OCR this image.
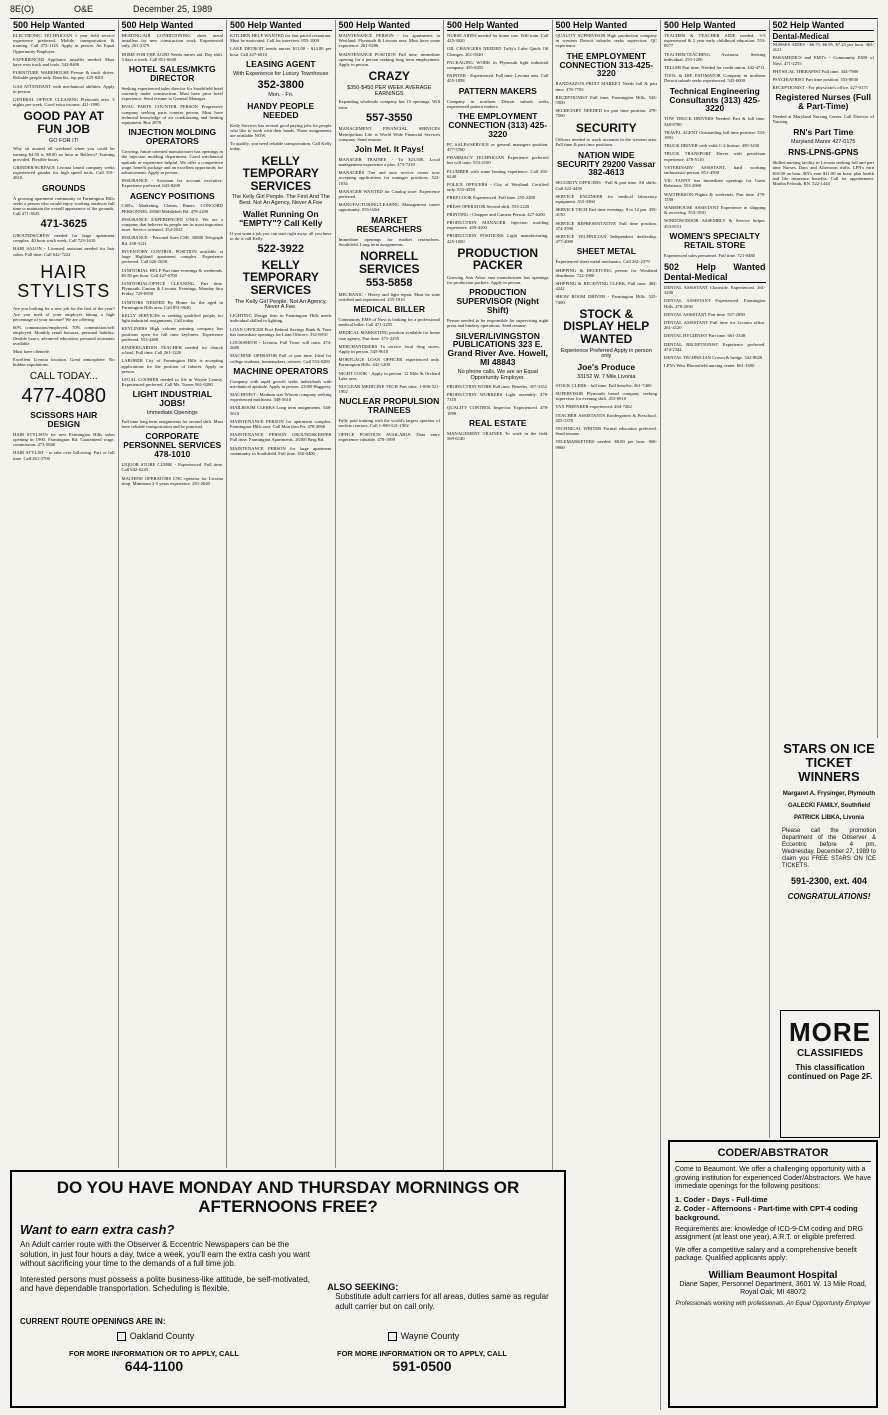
8E(O)	O&E	December 25, 1989
500 Help Wanted
ELECTRONIC TECHNICIAN 1 year field service experience preferred. Mobile, transportation & training. Call 473-1125. Apply in person. An Equal Opportunity Employer.
EXPERIENCED Appliance installer needed. Must have own truck and tools. 542-8400
FURNITURE WAREHOUSE Person & truck driver. Reliable people only. Benefits, top pay. 425-8201
GAS ATTENDANT with mechanical abilities. Apply in person.
GENERAL OFFICE CLEANING Plymouth area. 3 nights per week. Good extra income. 421-1990
GOOD PAY AT FUN JOB
GO FOR IT!
Why sit around all weekend when you could be earning $4.50 to $8.00 an hour at Bellews? Training provided. Flexible hours.
GRINDER/SURFACE Livonia based company seeks experienced grinder for high speed tools. Call 591-4810.
GROUNDS
A growing apartment community in Farmington Hills seeks a person who would enjoy working outdoors full time to maintain the overall appearance of the grounds. Call 471-3625.
471-3625
GROUNDS/CREW needed for large apartment complex. 40 hour work week. Call 723-1610
HAIR SALON - Licensed assistant needed for hair salon. Full time. Call 642-7222
HAIR STYLISTS
Are you looking for a new job for the first of the year? Are you tired of your employer taking a high percentage of your income? We are offering:
60% commission/employed, 70% commission/self employed. Monthly retail bonuses, personal liability, flexible hours, advanced education, personal assistants available.
Must have clientele.
Excellent Livonia location. Great atmosphere. No hidden stipulations.
CALL TODAY...
477-4080
SCISSORS HAIR DESIGN
HAIR STYLISTS for new Farmington Hills salon opening in 1990. Farmington Rd. Guaranteed wage, commission. 473-5840
HAIR STYLIST - to take over following. Part or full time. Call 261-3700
500 Help Wanted
HEATING/AIR CONDITIONING sheet metal installers for new construction work. Experienced only. 261-2379
HOME FOR THE AGED Needs nurses aid. Day shift. 3 days a week. Call 851-6640
HOTEL SALES/MKTG DIRECTOR
Seeking experienced sales director for Southfield hotel currently under construction. Must have prior hotel experience. Send resume to General Manager.
HVAC PARTS COUNTER PERSON Progressive company seeking parts counter person. Must have technical knowledge of air conditioning and heating equipment. Box 2870.
INJECTION MOLDING OPERATORS
Growing, future oriented manufacturer has openings in the injection molding department. Good mechanical aptitude or experience helpful. We offer a competitive wage, benefit package and an excellent opportunity for advancement. Apply in person.
INSURANCE - Assistant for account executive. Experience preferred. 643-8200
AGENCY POSITIONS
CSR's, Marketing, Claims, Raters. CONCORD PERSONNEL 18500 Middlebelt Rd. 478-2200
INSURANCE EXPERIENCED ONLY. We are a company that believes its people are its most important asset. Service oriented. 354-2022
INSURANCE - Personal lines CSR. 30800 Telegraph Rd. 258-3121
INVENTORY CONTROL POSITION available at large Highland apartment complex. Experience preferred. Call 626-1658.
JANITORIAL HELP Part time evenings & weekends. $5.50 per hour. Call 427-6700
JANITORIAL/OFFICE CLEANING. Part time. Plymouth, Canton & Livonia. Evenings, Monday thru Friday. 729-6950
JANITORS NEEDED By Home for the aged in Farmington Hills area. Call 851-9640
KELLY SERVICES is seeking qualified people for light industrial assignments. Call today.
KEYLINERS High volume printing company has positions open for full time keyliners. Experience preferred. 553-4400
KINDERGARTEN TEACHER needed for church school. Full time. Call 261-1220
LABORER City of Farmington Hills is accepting applications for the position of laborer. Apply in person.
LEGAL COURIER needed to file in Wayne County. Experienced preferred. Call Ms. Turner 961-0280.
LIGHT INDUSTRIAL JOBS!
Immediate Openings
Full time long term assignments for second shift. Must have reliable transportation and be punctual.
CORPORATE PERSONNEL SERVICES 478-1010
LIQUOR STORE CLERK - Experienced. Full time. Call 642-0220
MACHINE OPERATORS CNC operator for Livonia shop. Minimum 3-5 years experience. 261-2640
500 Help Wanted
KITCHEN HELP WANTED for fast paced restaurant. Must be motivated. Call for interview. 855-1000
LAKE DETROIT needs nurses $11.00 - $14.00 per hour. Call 427-6010
LEASING AGENT
With Experience for Luxury Townhouse
352-3800
Mon. - Fri.
HANDY PEOPLE NEEDED
Kelly Services has several good paying jobs for people who like to work with their hands. These assignments are available NOW.
To qualify, you need reliable transportation. Call Kelly today.
KELLY TEMPORARY SERVICES
The Kelly Girl People. The First And The Best. Not An Agency, Never A Fee
Wallet Running On "EMPTY"? Call Kelly
If you want a job you can start right away, all you have to do is call Kelly.
522-3922
KELLY TEMPORARY SERVICES
The Kelly Girl People. Not An Agency, Never A Fee.
LIGHTING Design firm in Farmington Hills needs individual skilled in lighting.
LOAN OFFICER First Federal Savings Bank & Trust has immediate openings for Loan Officers. 332-6910
LOCKSMITH - Livonia. Full Time, will train. 474-2600
MACHINE OPERATOR Full or part time. Ideal for college students, homemakers, retirees. Call 553-8200
MACHINE OPERATORS
Company with rapid growth seeks individuals with mechanical aptitude. Apply in person. 23300 Haggerty.
MACHINIST - Medium size Wixom company seeking experienced machinist. 348-5610
MAILROOM CLERKS Long term assignments. 548-5610
MAINTENANCE PERSON for apartment complex. Farmington Hills area. Call Mon thru Fri. 478-3060
MAINTENANCE PERSON GROUNDSKEEPER Full time. Farmington Apartments. 26300 Berg Rd.
MAINTENANCE PERSON for large apartment community in Southfield. Full time. 356-0400
500 Help Wanted
MAINTENANCE PERSON - for apartments in Westland. Plymouth & Livonia area. Must have some experience. 261-0286
MAINTENANCE POSITION Full time, immediate opening for a person seeking long term employment. Apply in person.
CRAZY
$350-$450 PER WEEK AVERAGE EARNINGS
Expanding wholesale company has 15 openings. Will train.
557-3550
MANAGEMENT FINANCIAL SERVICES Metropolitan Life is World Wide Financial Services company. Send resume.
Join Met. It Pays!
MANAGER TRAINEE - To $23,500. Local management experience a plus. 473-7210
MANAGERS Tire and auto service center now accepting applications for manager positions. 522-1034
MANAGER WANTED for Catalog store. Experience preferred.
MANUFACTURING/LEASING Management career opportunity. 555-0264
MARKET RESEARCHERS
Immediate openings for market researchers. Southfield. Long term assignments.
NORRELL SERVICES
553-5858
MECHANIC - Heavy and light repair. Must be state certified and experienced. 255-1810
MEDICAL BILLER
Community EMS of Novi is looking for a professional medical biller. Call 471-2255
MEDICAL MARKETING position available for home care agency. Part time. 471-2255
MERCHANDISERS To service local drug stores. Apply in person. 545-9610
MORTGAGE LOAN OFFICER experienced only. Farmington Hills. 442-1200
NIGHT COOK - Apply in person. 12 Mile & Orchard Lake area.
NUCLEAR MEDICINE TECH Part time. 1-800-521-1902
NUCLEAR PROPULSION TRAINEES
Fully paid training with the world's largest operator of nuclear reactors. Call 1-800-521-1902
OFFICE POSITION AVAILABLE Data entry experience valuable. 478-1999
500 Help Wanted
NURSE AIDES needed for home care. Will train. Call 425-3020
OIL CHANGERS NEEDED Tuffy's Lube Quick Oil Changes. 261-0540
PACKAGING WORK in Plymouth light industrial company. 455-8455
PAINTER - Experienced. Full time. Livonia area. Call 455-1858
PATTERN MAKERS
Company in northern Detroit suburb seeks experienced pattern makers.
THE EMPLOYMENT CONNECTION (313) 425-3220
PC SALES/SERVICE or general managers position. 477-3760
PHARMACY TECHNICIAN Experience preferred but will train. 553-2100
PLUMBER with some heating experience. Call 292-6240
POLICE OFFICERS - City of Westland. Certified only. 553-4558
PREP COOK Experienced. Full time. 255-2280
PRESS OPERATOR Second shift. 553-2220
PRINTING - Chopper and Camera Person. 427-6200
PRODUCTION MANAGER Injection molding experience. 459-4100
PRODUCTION POSITIONS Light manufacturing. 425-1000
PRODUCTION PACKER
Growing Ann Arbor area manufacturer has openings for production packers. Apply in person.
PRODUCTION SUPERVISOR (Night Shift)
Person needed to be responsible for supervising night press and bindery operations. Send resume.
SILVER/LIVINGSTON PUBLICATIONS 323 E. Grand River Ave. Howell, MI 48843
No phone calls. We are an Equal Opportunity Employer.
PRODUCTION WORK Full time. Benefits. 357-3352
PRODUCTION WORKERS Light assembly. 478-7310
QUALITY CONTROL Inspector. Experienced. 478-1999
REAL ESTATE
MANAGEMENT TRAINEE To work in the field. 569-6140
500 Help Wanted
QUALITY SUPERVISOR High production company in western Detroit suburbs seeks supervisor. QC experience.
THE EMPLOYMENT CONNECTION 313-425-3220
RANDAZZO'S FRUIT MARKET Needs full & part time. 478-7705
RECEPTIONIST Full time. Farmington Hills. 543-5900
SECRETARY NEEDED for part time position. 478-7500
SECURITY
Officers needed to work accounts in the western area. Full time & part time positions.
NATION WIDE SECURITY 29200 Vassar 382-4613
SECURITY OFFICERS - Full & part time. All shifts. Call 422-4430
SERVICE ENGINEER for medical laboratory equipment. 353-3360
SERVICE TECH Part time evenings. 8 to 12 pm. 459-4150
SERVICE REPRESENTATIVE Full time position. 474-3590
SERVICE TECHNICIAN Independent dealership. 477-4080
SHEET METAL
Experienced sheet metal mechanics. Call 261-2379
SHIPPING & RECEIVING person for Westland distributor. 722-1900
SHIPPING & RECEIVING CLERK. Full time. 484-4242
SHOW ROOM DRIVER - Farmington Hills. 525-7400
STOCK & DISPLAY HELP WANTED
Experience Preferred Apply in person only
Joe's Produce
33152 W. 7 Mile Livonia
STOCK CLERK - full time. Full benefits. 261-7400
SUPERVISOR Plymouth based company seeking supervisor for evening shift. 453-0010
TAX PREPARER experienced. 464-7262
TEACHER ASSISTANTS Kindergarten & Preschool. 425-1370
TECHNICAL WRITER Formal education preferred. Send resume.
TELEMARKETERS needed. $6.00 per hour. 968-9960
500 Help Wanted
TEACHER & TEACHER AIDE needed, 3-5 experienced & 2 year early childhood education. 553-8977
TEACHER/TEACHING Assistant. Seeking individual. 253-1200
TELLER Part time. Needed for credit union. 442-4711
TOOL & DIE ESTIMATOR Company in northern Detroit suburb seeks experienced. 543-6000
Technical Engineering Consultants (313) 425-3220
TOW TRUCK DRIVERS Needed. Part & full time. 348-8780
TRAVEL AGENT Outstanding full time position. 333-1991
TRUCK DRIVER with valid C-2 license. 459-3430
TRUCK TRANSPORT Driver with petroleum experience. 478-5110
VETERINARY ASSISTANT, hard working enthusiastic person. 851-4590
VIC TANNY has immediate openings for Guest Relations. 553-2900
WAITPERSON Nights & weekends. Part time. 478-1550
WAREHOUSE ASSISTANT Experience in shipping & receiving. 553-3550
WINDOW/DOOR ASSEMBLY & Service helper. 453-8151
WOMEN'S SPECIALTY RETAIL STORE
Experienced sales personnel. Full time. 721-0480
502 Help Wanted Dental-Medical
DENTAL ASSISTANT Chairside. Experienced. 261-3200
DENTAL ASSISTANT Experienced. Farmington Hills. 478-2030
DENTAL ASSISTANT Part time. 557-2890
DENTAL ASSISTANT Full time for Livonia office. 261-4120
DENTAL HYGIENIST Part time. 661-3340
DENTAL RECEPTIONIST Experience preferred. 474-2344
DENTAL TECHNICIAN Crown & bridge. 522-8620
LPN's West Bloomfield nursing center. 661-1600
502 Help Wanted
Dental-Medical
NURSES AIDES - $6.75, $6.95, $7.25 per hour. 363-4121
PARAMEDICS and EMT's - Community EMS of Novi. 471-2255
PHYSICAL THERAPIST Full time. 344-7900
PSYCHIATRIST Part time position. 353-8830
RECEPTIONIST - For physician's office. 427-0175
Registered Nurses (Full & Part-Time)
Needed at Maryland Nursing Center. Call Director of Nursing.
RN's Part Time
Maryland Manor 427-0175
RNS-LPNS-GPNS
Skilled nursing facility in Livonia seeking full and part time Nurses. Days and Afternoon shifts. LPN's earn $10.00 an hour. RN's earn $11.00 an hour, plus health and life insurance benefits. Call for appointment. Martha Felosak, RN. 522-1444
STARS ON ICE TICKET WINNERS
Margaret A. Frysinger, Plymouth
GALECKI FAMILY, Southfield
PATRICK LIBKA, Livonia
Please call the promotion department of the Observer & Eccentric before 4 pm, Wednesday, December 27, 1989 to claim you FREE STARS ON ICE TICKETS.
591-2300, ext. 404
CONGRATULATIONS!
MORE
CLASSIFIEDS
This classification continued on Page 2F.
CODER/ABSTRATOR
Come to Beaumont. We offer a challenging opportunity with a growing institution for experienced Coder/Abstractors. We have immediate openings for the following positions:
1. Coder - Days - Full-time
2. Coder - Afternoons - Part-time with CPT-4 coding background.
Requirements are: knowledge of ICD-9-CM coding and DRG assignment (at least one year), A.R.T. or eligible preferred.
We offer a competitive salary and a comprehensive benefit package. Qualified applicants apply:
William Beaumont Hospital
Diane Saper, Personnel Department, 3601 W. 13 Mile Road, Royal Oak, MI 48072
Professionals working with professionals. An Equal Opportunity Employer
DO YOU HAVE MONDAY AND THURSDAY MORNINGS OR AFTERNOONS FREE?
Want to earn extra cash?
An Adult carrier route with the Observer & Eccentric Newspapers can be the solution, in just four hours a day, twice a week, you'll earn the extra cash you want without sacrificing your time to the demands of a full time job.
Interested persons must possess a polite business-like attitude, be self-motivated, and have dependable transportation. Scheduling is flexible.	ALSO SEEKING:
Substitute adult carriers for all areas, duties same as regular adult carrier but on call only.
CURRENT ROUTE OPENINGS ARE IN:
Oakland County	Wayne County
FOR MORE INFORMATION OR TO APPLY, CALL
644-1100
FOR MORE INFORMATION OR TO APPLY, CALL
591-0500
